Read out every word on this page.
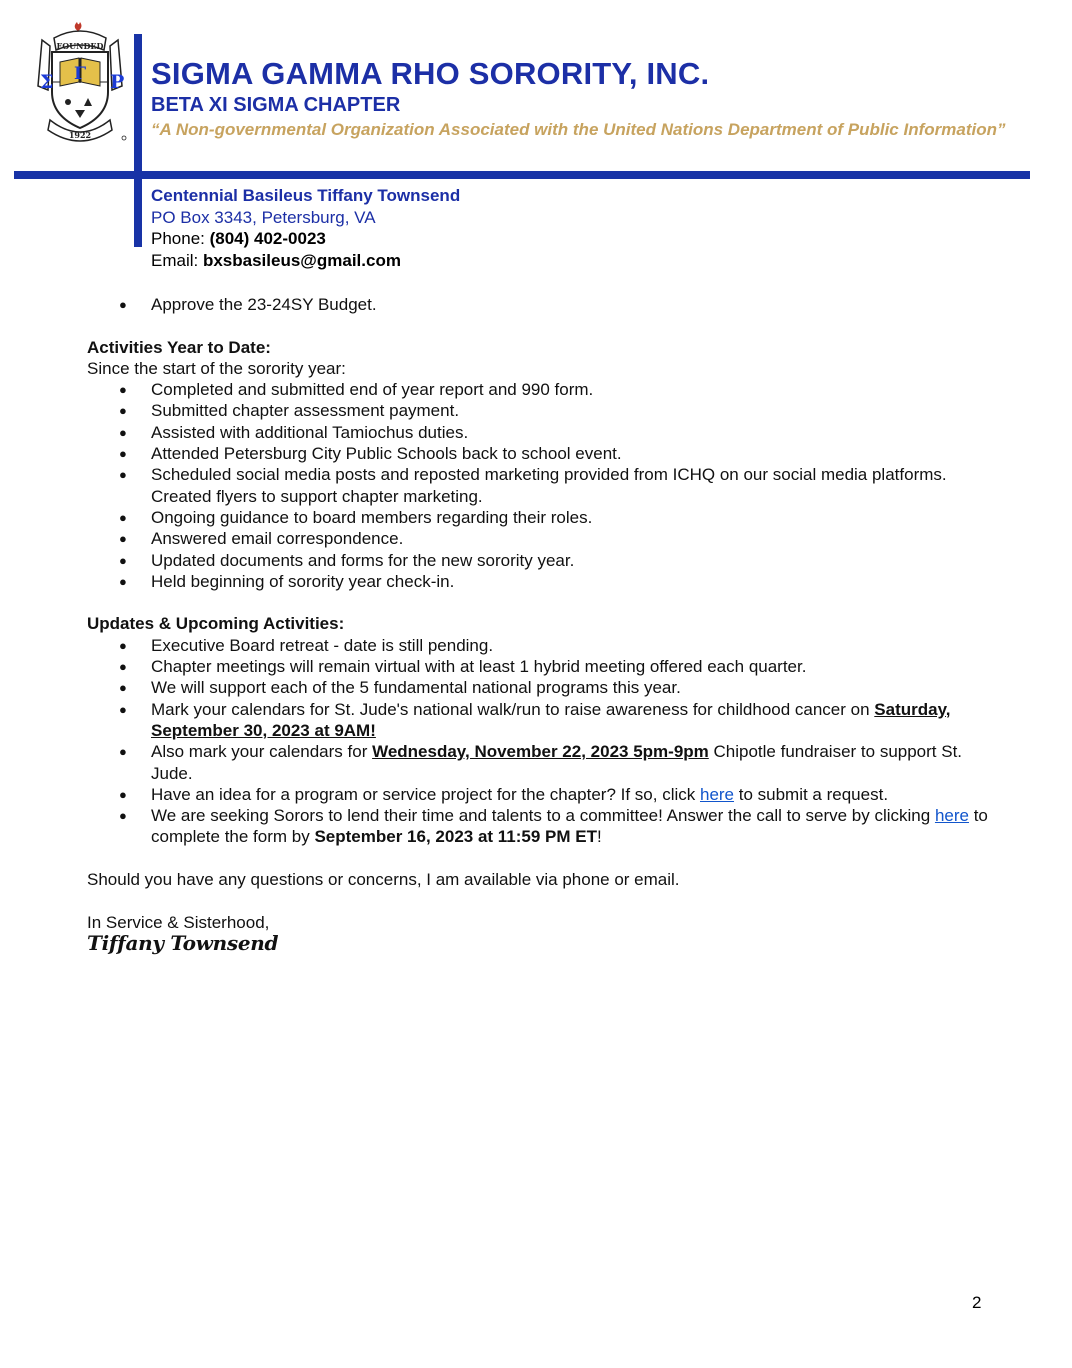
FOUNDED
Σ Γ Ρ
1922
SIGMA GAMMA RHO SORORITY, INC.
BETA XI SIGMA CHAPTER
“A Non-governmental Organization Associated with the United Nations Department of Public Information”
Centennial Basileus Tiffany Townsend
PO Box 3343, Petersburg, VA
Phone: (804) 402-0023
Email: bxsbasileus@gmail.com
● Approve the 23-24SY Budget.

Activities Year to Date:

Since the start of the sorority year:

● Completed and submitted end of year report and 990 form.
● Submitted chapter assessment payment.
● Assisted with additional Tamiochus duties.
● Attended Petersburg City Public Schools back to school event.
● Scheduled social media posts and reposted marketing provided from ICHQ on our social media platforms. Created flyers to support chapter marketing.
● Ongoing guidance to board members regarding their roles.
● Answered email correspondence.
● Updated documents and forms for the new sorority year.
● Held beginning of sorority year check-in.

Updates & Upcoming Activities:

● Executive Board retreat - date is still pending.
● Chapter meetings will remain virtual with at least 1 hybrid meeting offered each quarter.
● We will support each of the 5 fundamental national programs this year.
● Mark your calendars for St. Jude's national walk/run to raise awareness for childhood cancer on Saturday, September 30, 2023 at 9AM!
● Also mark your calendars for Wednesday, November 22, 2023 5pm-9pm Chipotle fundraiser to support St. Jude.
● Have an idea for a program or service project for the chapter? If so, click here to submit a request.
● We are seeking Sorors to lend their time and talents to a committee! Answer the call to serve by clicking here to complete the form by September 16, 2023 at 11:59 PM ET!

Should you have any questions or concerns, I am available via phone or email.

In Service & Sisterhood,

Tiffany Townsend

2
